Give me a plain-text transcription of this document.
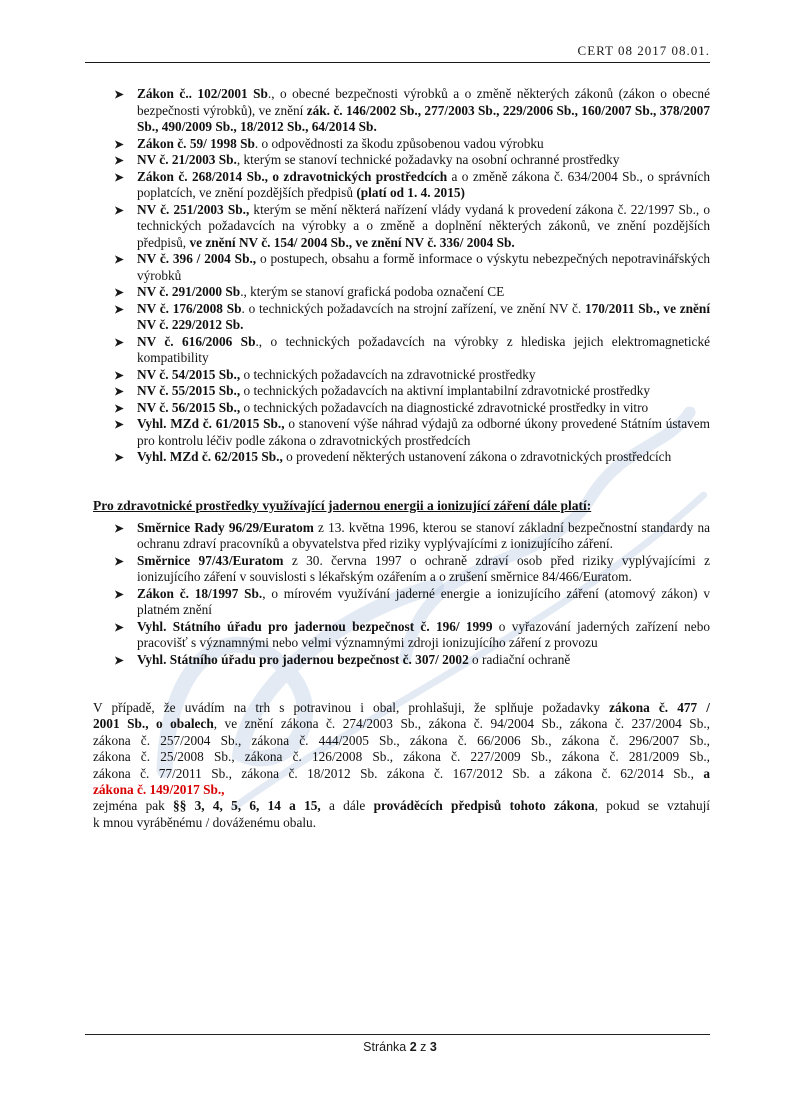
CERT 08 2017 08.01.
Zákon č.. 102/2001 Sb., o obecné bezpečnosti výrobků a o změně některých zákonů (zákon o obecné bezpečnosti výrobků), ve znění zák. č. 146/2002 Sb., 277/2003 Sb., 229/2006 Sb., 160/2007 Sb., 378/2007 Sb., 490/2009 Sb., 18/2012 Sb., 64/2014 Sb.
Zákon č. 59/ 1998 Sb. o odpovědnosti za škodu způsobenou vadou výrobku
NV č. 21/2003 Sb., kterým se stanoví technické požadavky na osobní ochranné prostředky
Zákon č. 268/2014 Sb., o zdravotnických prostředcích a o změně zákona č. 634/2004 Sb., o správních poplatcích, ve znění pozdějších předpisů (platí od 1. 4. 2015)
NV č. 251/2003 Sb., kterým se mění některá nařízení vlády vydaná k provedení zákona č. 22/1997 Sb., o technických požadavcích na výrobky a o změně a doplnění některých zákonů, ve znění pozdějších předpisů, ve znění NV č. 154/ 2004 Sb., ve znění NV č. 336/ 2004 Sb.
NV č. 396 / 2004 Sb., o postupech, obsahu a formě informace o výskytu nebezpečných nepotravinářských výrobků
NV č. 291/2000 Sb., kterým se stanoví grafická podoba označení CE
NV č. 176/2008 Sb. o technických požadavcích na strojní zařízení, ve znění NV č. 170/2011 Sb., ve znění NV č. 229/2012 Sb.
NV č. 616/2006 Sb., o technických požadavcích na výrobky z hlediska jejich elektromagnetické kompatibility
NV č. 54/2015 Sb., o technických požadavcích na zdravotnické prostředky
NV č. 55/2015 Sb., o technických požadavcích na aktivní implantabilní zdravotnické prostředky
NV č. 56/2015 Sb., o technických požadavcích na diagnostické zdravotnické prostředky in vitro
Vyhl. MZd č. 61/2015 Sb., o stanovení výše náhrad výdajů za odborné úkony provedené Státním ústavem pro kontrolu léčiv podle zákona o zdravotnických prostředcích
Vyhl. MZd č. 62/2015 Sb., o provedení některých ustanovení zákona o zdravotnických prostředcích
Pro zdravotnické prostředky využívající jadernou energii a ionizující záření dále platí:
Směrnice Rady 96/29/Euratom z 13. května 1996, kterou se stanoví základní bezpečnostní standardy na ochranu zdraví pracovníků a obyvatelstva před riziky vyplývajícími z ionizujícího záření.
Směrnice 97/43/Euratom z 30. června 1997 o ochraně zdraví osob před riziky vyplývajícími z ionizujícího záření v souvislosti s lékařským ozářením a o zrušení směrnice 84/466/Euratom.
Zákon č. 18/1997 Sb., o mírovém využívání jaderné energie a ionizujícího záření (atomový zákon) v platném znění
Vyhl. Státního úřadu pro jadernou bezpečnost č. 196/ 1999 o vyřazování jaderných zařízení nebo pracovišť s významnými nebo velmi významnými zdroji ionizujícího záření z provozu
Vyhl. Státního úřadu pro jadernou bezpečnost č. 307/ 2002 o radiační ochraně
V případě, že uvádím na trh s potravinou i obal, prohlašuji, že splňuje požadavky zákona č. 477 /
2001 Sb., o obalech, ve znění zákona č. 274/2003 Sb., zákona č. 94/2004 Sb., zákona č. 237/2004 Sb.,
zákona č. 257/2004 Sb., zákona č. 444/2005 Sb., zákona č. 66/2006 Sb., zákona č. 296/2007 Sb.,
zákona č. 25/2008 Sb., zákona č. 126/2008 Sb., zákona č. 227/2009 Sb., zákona č. 281/2009 Sb.,
zákona č. 77/2011 Sb., zákona č. 18/2012 Sb. zákona č. 167/2012 Sb. a zákona č. 62/2014 Sb., a
zákona č. 149/2017 Sb.,
zejména pak §§ 3, 4, 5, 6, 14 a 15, a dále prováděcích předpisů tohoto zákona, pokud se vztahují
k mnou vyráběnému / dováženému obalu.
Stránka 2 z 3
